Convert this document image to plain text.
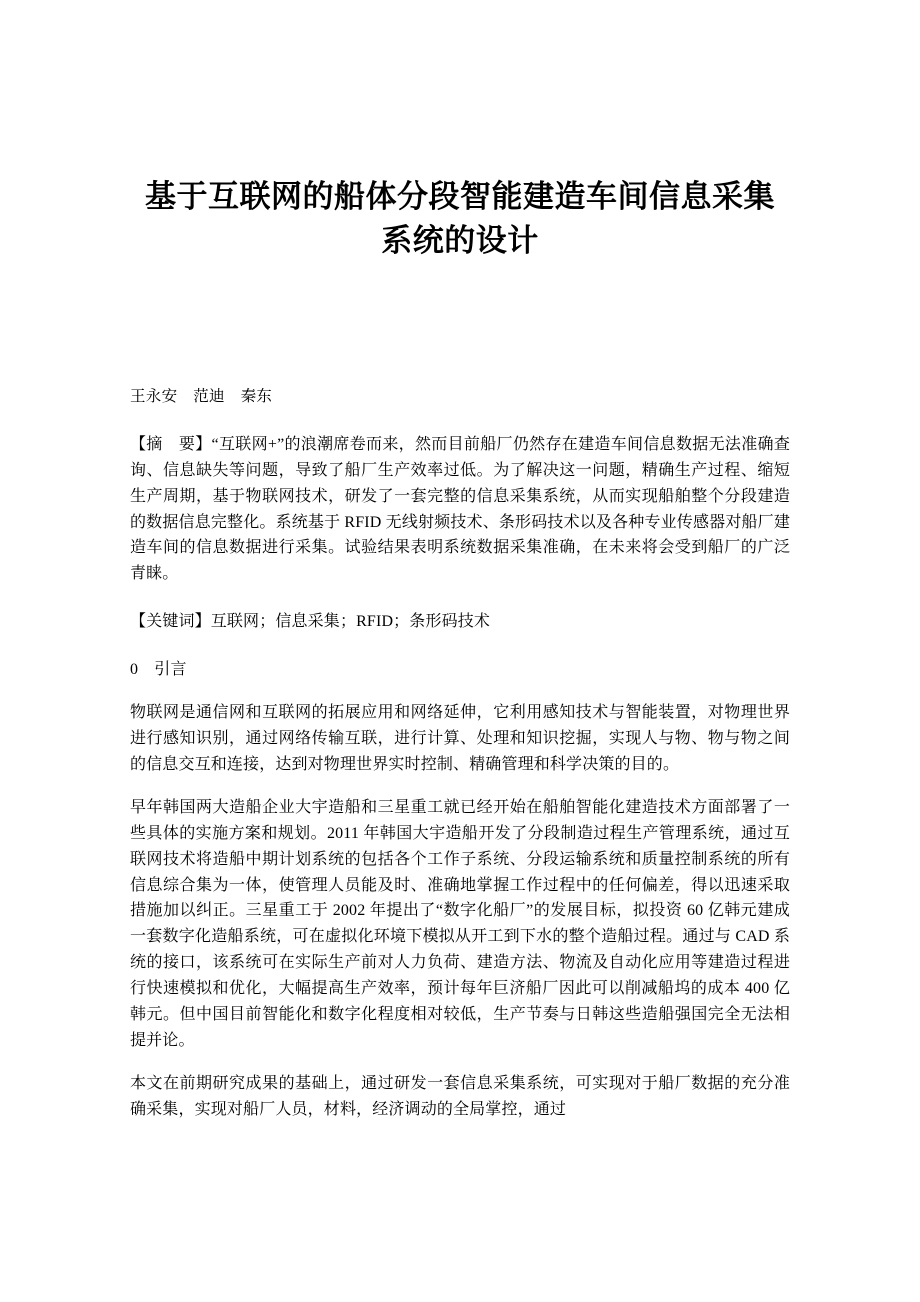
基于互联网的船体分段智能建造车间信息采集系统的设计
王永安　范迪　秦东

【摘　要】“互联网+”的浪潮席卷而来，然而目前船厂仍然存在建造车间信息数据无法准确查询、信息缺失等问题，导致了船厂生产效率过低。为了解决这一问题，精确生产过程、缩短生产周期，基于物联网技术，研发了一套完整的信息采集系统，从而实现船舶整个分段建造的数据信息完整化。系统基于 RFID 无线射频技术、条形码技术以及各种专业传感器对船厂建造车间的信息数据进行采集。试验结果表明系统数据采集准确，在未来将会受到船厂的广泛青睐。

【关键词】互联网；信息采集；RFID；条形码技术

0　引言

物联网是通信网和互联网的拓展应用和网络延伸，它利用感知技术与智能装置，对物理世界进行感知识别，通过网络传输互联，进行计算、处理和知识挖掘，实现人与物、物与物之间的信息交互和连接，达到对物理世界实时控制、精确管理和科学决策的目的。

早年韩国两大造船企业大宇造船和三星重工就已经开始在船舶智能化建造技术方面部署了一些具体的实施方案和规划。2011 年韩国大宇造船开发了分段制造过程生产管理系统，通过互联网技术将造船中期计划系统的包括各个工作子系统、分段运输系统和质量控制系统的所有信息综合集为一体，使管理人员能及时、准确地掌握工作过程中的任何偏差，得以迅速采取措施加以纠正。三星重工于 2002 年提出了“数字化船厂”的发展目标，拟投资 60 亿韩元建成一套数字化造船系统，可在虚拟化环境下模拟从开工到下水的整个造船过程。通过与 CAD 系统的接口，该系统可在实际生产前对人力负荷、建造方法、物流及自动化应用等建造过程进行快速模拟和优化，大幅提高生产效率，预计每年巨济船厂因此可以削减船坞的成本 400 亿韩元。但中国目前智能化和数字化程度相对较低，生产节奏与日韩这些造船强国完全无法相提并论。

本文在前期研究成果的基础上，通过研发一套信息采集系统，可实现对于船厂数据的充分准确采集，实现对船厂人员，材料，经济调动的全局掌控，通过
